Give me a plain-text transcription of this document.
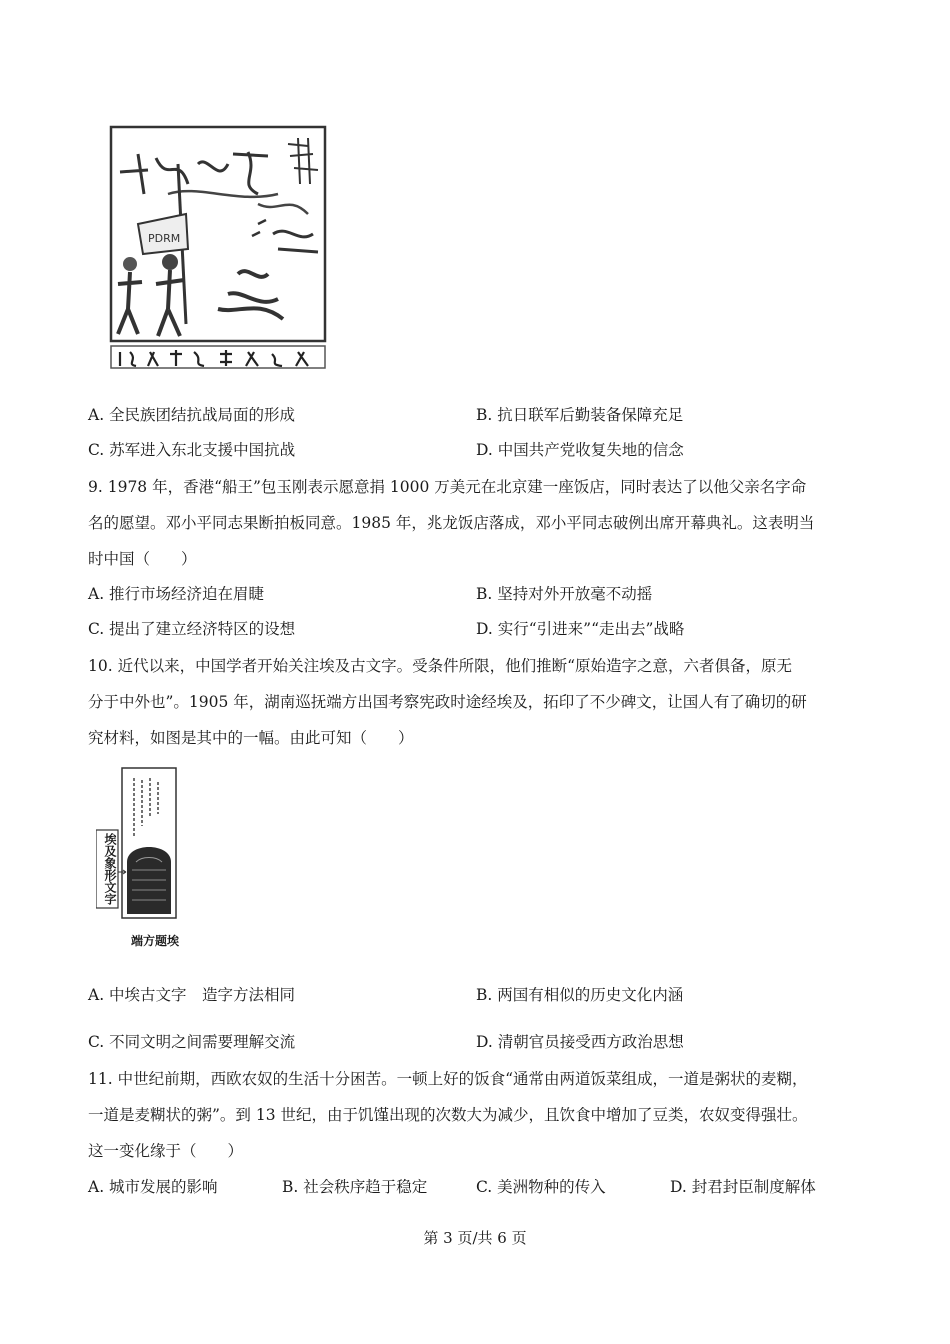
PDRM
A. 全民族团结抗战局面的形成	B. 抗日联军后勤装备保障充足
C. 苏军进入东北支援中国抗战	D. 中国共产党收复失地的信念
9. 1978 年，香港“船王”包玉刚表示愿意捐 1000 万美元在北京建一座饭店，同时表达了以他父亲名字命
名的愿望。邓小平同志果断拍板同意。1985 年，兆龙饭店落成，邓小平同志破例出席开幕典礼。这表明当
时中国（　　）
A. 推行市场经济迫在眉睫	B. 坚持对外开放毫不动摇
C. 提出了建立经济特区的设想	D. 实行“引进来”“走出去”战略
10. 近代以来，中国学者开始关注埃及古文字。受条件所限，他们推断“原始造字之意，六者俱备，原无
分于中外也”。1905 年，湖南巡抚端方出国考察宪政时途经埃及，拓印了不少碑文，让国人有了确切的研
究材料，如图是其中的一幅。由此可知（　　）
埃及象形文字
端方题埃
A. 中埃古文字　造字方法相同	B. 两国有相似的历史文化内涵
C. 不同文明之间需要理解交流	D. 清朝官员接受西方政治思想
11. 中世纪前期，西欧农奴的生活十分困苦。一顿上好的饭食“通常由两道饭菜组成，一道是粥状的麦糊，
一道是麦糊状的粥”。到 13 世纪，由于饥馑出现的次数大为减少，且饮食中增加了豆类，农奴变得强壮。
这一变化缘于（　　）
A. 城市发展的影响	B. 社会秩序趋于稳定	C. 美洲物种的传入	D. 封君封臣制度解体
第 3 页/共 6 页
